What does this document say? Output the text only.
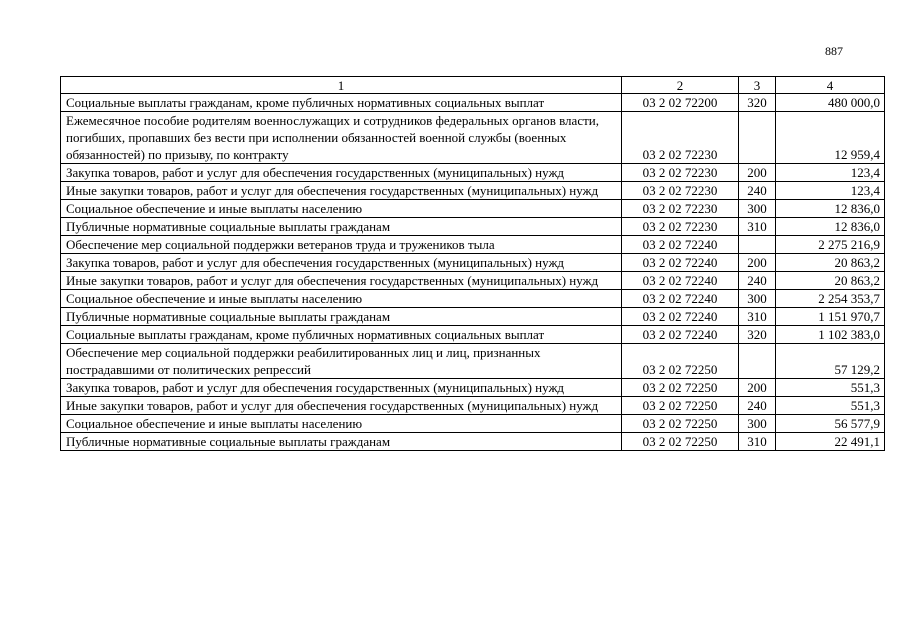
887
1	2	3	4
Социальные выплаты гражданам, кроме публичных нормативных социальных выплат	03 2 02 72200	320	480 000,0
Ежемесячное пособие родителям военнослужащих и сотрудников федеральных органов власти, погибших, пропавших без вести при исполнении обязанностей военной службы (военных обязанностей) по призыву, по контракту	03 2 02 72230		12 959,4
Закупка товаров, работ и услуг для обеспечения государственных (муниципальных) нужд	03 2 02 72230	200	123,4
Иные закупки товаров, работ и услуг для обеспечения государственных (муниципальных) нужд	03 2 02 72230	240	123,4
Социальное обеспечение и иные выплаты населению	03 2 02 72230	300	12 836,0
Публичные нормативные социальные выплаты гражданам	03 2 02 72230	310	12 836,0
Обеспечение мер социальной поддержки ветеранов труда и тружеников тыла	03 2 02 72240		2 275 216,9
Закупка товаров, работ и услуг для обеспечения государственных (муниципальных) нужд	03 2 02 72240	200	20 863,2
Иные закупки товаров, работ и услуг для обеспечения государственных (муниципальных) нужд	03 2 02 72240	240	20 863,2
Социальное обеспечение и иные выплаты населению	03 2 02 72240	300	2 254 353,7
Публичные нормативные социальные выплаты гражданам	03 2 02 72240	310	1 151 970,7
Социальные выплаты гражданам, кроме публичных нормативных социальных выплат	03 2 02 72240	320	1 102 383,0
Обеспечение мер социальной поддержки реабилитированных лиц и лиц, признанных пострадавшими от политических репрессий	03 2 02 72250		57 129,2
Закупка товаров, работ и услуг для обеспечения государственных (муниципальных) нужд	03 2 02 72250	200	551,3
Иные закупки товаров, работ и услуг для обеспечения государственных (муниципальных) нужд	03 2 02 72250	240	551,3
Социальное обеспечение и иные выплаты населению	03 2 02 72250	300	56 577,9
Публичные нормативные социальные выплаты гражданам	03 2 02 72250	310	22 491,1
